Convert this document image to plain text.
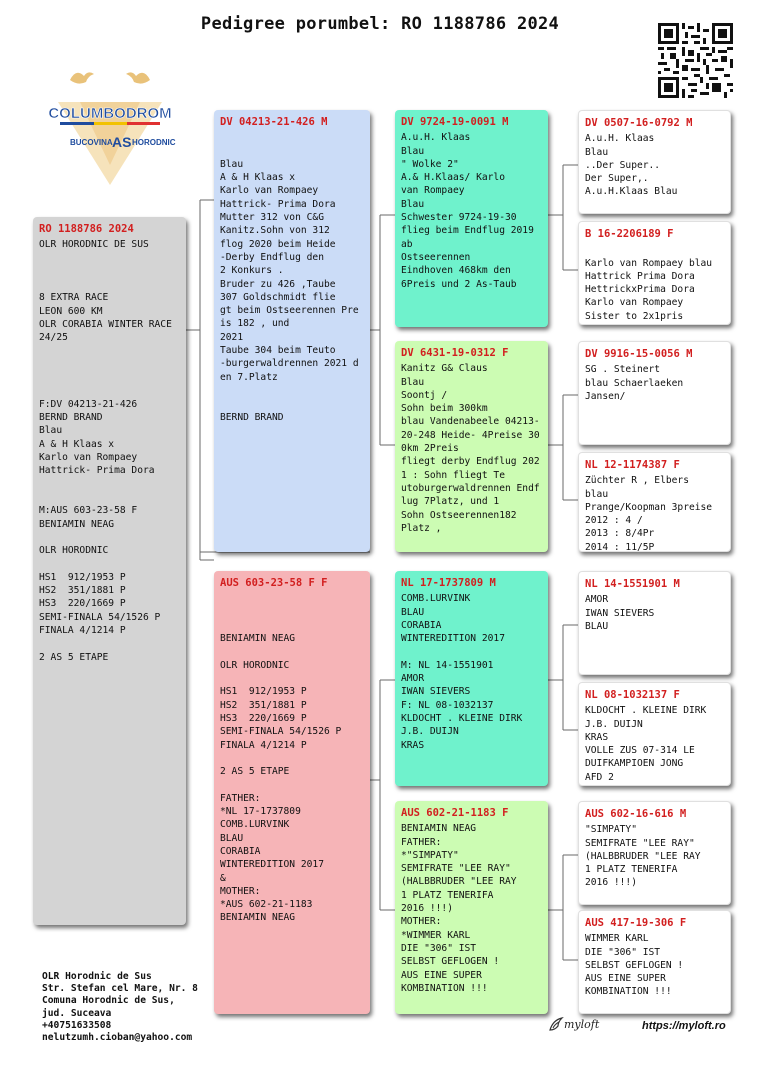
Pedigree porumbel: RO 1188786 2024
COLUMBODROM
BUCOVINA AS HORODNIC
RO 1188786 2024
OLR HORODNIC DE SUS

8 EXTRA RACE
LEON 600 KM
OLR CORABIA WINTER RACE
24/25

F:DV 04213-21-426
BERND BRAND
Blau
A & H Klaas x
Karlo van Rompaey
Hattrick- Prima Dora

M:AUS 603-23-58 F
BENIAMIN NEAG

OLR HORODNIC

HS1  912/1953 P
HS2  351/1881 P
HS3  220/1669 P
SEMI-FINALA 54/1526 P
FINALA 4/1214 P

2 AS 5 ETAPE
DV 04213-21-426 M

Blau
A & H Klaas x
Karlo van Rompaey
Hattrick- Prima Dora
Mutter 312 von C&G
Kanitz.Sohn von 312
flog 2020 beim Heide
-Derby Endflug den
2 Konkurs .
Bruder zu 426 ,Taube
307 Goldschmidt flie
gt beim Ostseerennen Pre
is 182 , und
2021
Taube 304 beim Teuto
-burgerwaldrennen 2021 d
en 7.Platz

BERND BRAND
AUS 603-23-58 F F

BENIAMIN NEAG

OLR HORODNIC

HS1  912/1953 P
HS2  351/1881 P
HS3  220/1669 P
SEMI-FINALA 54/1526 P
FINALA 4/1214 P

2 AS 5 ETAPE

FATHER:
*NL 17-1737809
COMB.LURVINK
BLAU
CORABIA
WINTEREDITION 2017
&
MOTHER:
*AUS 602-21-1183
BENIAMIN NEAG
DV 9724-19-0091 M
A.u.H. Klaas
Blau
" Wolke 2"
A.& H.Klaas/ Karlo
van Rompaey
Blau
Schwester 9724-19-30
flieg beim Endflug 2019
ab
Ostseerennen
Eindhoven 468km den
6Preis und 2 As-Taub
DV 6431-19-0312 F
Kanitz G& Claus
Blau
Soontj /
Sohn beim 300km
blau Vandenabeele 04213-
20-248 Heide- 4Preise 30
0km 2Preis
fliegt derby Endflug 202
1 : Sohn fliegt Te
utoburgerwaldrennen Endf
lug 7Platz, und 1
Sohn Ostseerennen182
Platz ,
NL 17-1737809 M
COMB.LURVINK
BLAU
CORABIA
WINTEREDITION 2017

M: NL 14-1551901
AMOR
IWAN SIEVERS
F: NL 08-1032137
KLDOCHT . KLEINE DIRK
J.B. DUIJN
KRAS
AUS 602-21-1183 F
BENIAMIN NEAG
FATHER:
*"SIMPATY"
SEMIFRATE "LEE RAY"
(HALBBRUDER "LEE RAY
1 PLATZ TENERIFA
2016 !!!)
MOTHER:
*WIMMER KARL
DIE "306" IST
SELBST GEFLOGEN !
AUS EINE SUPER
KOMBINATION !!!
DV 0507-16-0792 M
A.u.H. Klaas
Blau
..Der Super..
Der Super,.
A.u.H.Klaas Blau
B 16-2206189 F

Karlo van Rompaey blau
Hattrick Prima Dora
HettrickxPrima Dora
Karlo van Rompaey
Sister to 2x1pris
DV 9916-15-0056 M
SG . Steinert
blau Schaerlaeken
Jansen/
NL 12-1174387 F
Züchter R , Elbers
blau
Prange/Koopman 3preise
2012 : 4 /
2013 : 8/4Pr
2014 : 11/5P
NL 14-1551901 M
AMOR
IWAN SIEVERS
BLAU
NL 08-1032137 F
KLDOCHT . KLEINE DIRK
J.B. DUIJN
KRAS
VOLLE ZUS 07-314 LE
DUIFKAMPIOEN JONG
AFD 2
AUS 602-16-616 M
"SIMPATY"
SEMIFRATE "LEE RAY"
(HALBBRUDER "LEE RAY
1 PLATZ TENERIFA
2016 !!!)
AUS 417-19-306 F
WIMMER KARL
DIE "306" IST
SELBST GEFLOGEN !
AUS EINE SUPER
KOMBINATION !!!
OLR Horodnic de Sus
Str. Stefan cel Mare, Nr. 8
Comuna Horodnic de Sus,
jud. Suceava
+40751633508
nelutzumh.cioban@yahoo.com
myloft	https://myloft.ro
